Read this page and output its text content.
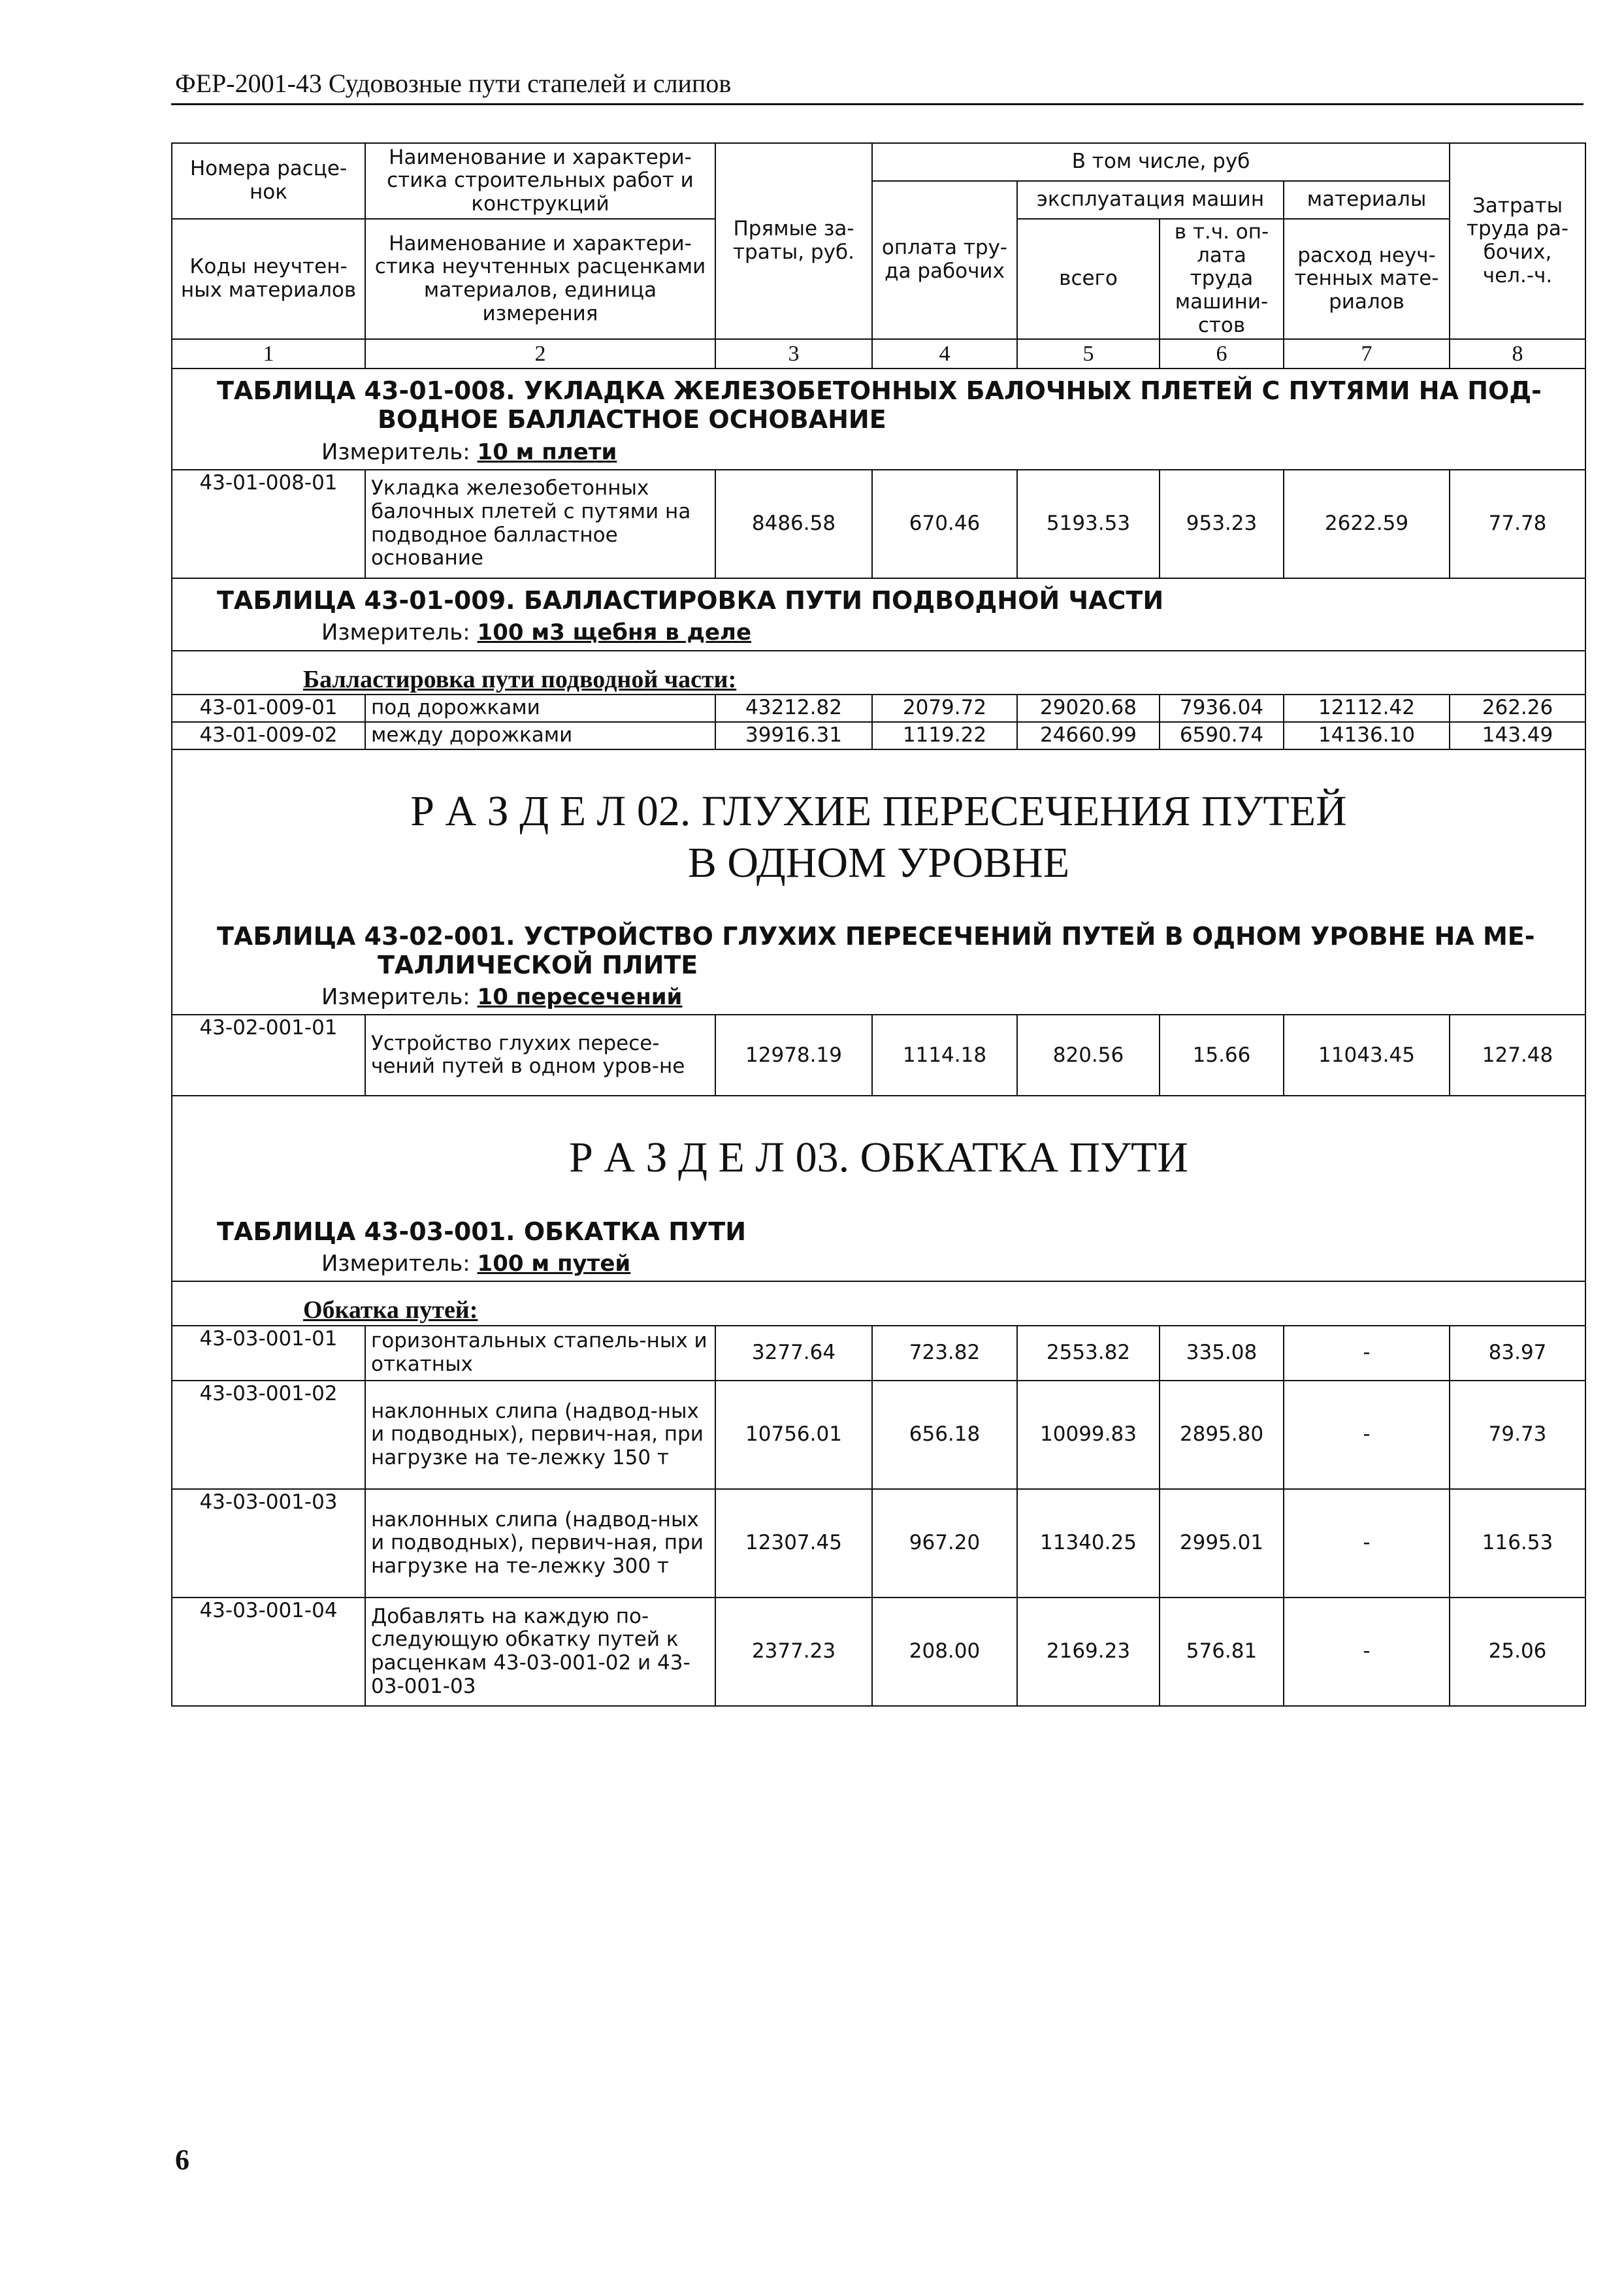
ФЕР-2001-43 Судовозные пути стапелей и слипов
Номера расце-нок	Наименование и характери-стика строительных работ и конструкций	Прямые за-траты, руб.	В том числе, руб				Затраты труда ра-бочих, чел.-ч.
			оплата тру-да рабочих	эксплуатация машин		материалы	
Коды неучтен-ных материалов	Наименование и характери-стика неучтенных расценками материалов, единица измерения			всего	в т.ч. оп-лата труда машини-стов	расход неуч-тенных мате-риалов	

1	2	3	4	5	6	7	8
ТАБЛИЦА 43-01-008. УКЛАДКА ЖЕЛЕЗОБЕТОННЫХ БАЛОЧНЫХ ПЛЕТЕЙ С ПУТЯМИ НА ПОД-
ВОДНОЕ БАЛЛАСТНОЕ ОСНОВАНИЕ							

Измеритель: 10 м плети							
43-01-008-01	Укладка железобетонных балочных плетей с путями на подводное балластное основание	8486.58	670.46	5193.53	953.23	2622.59	77.78
ТАБЛИЦА 43-01-009. БАЛЛАСТИРОВКА ПУТИ ПОДВОДНОЙ ЧАСТИ							
Измеритель: 100 м3 щебня в деле							
Балластировка пути подводной части:							
43-01-009-01	под дорожками	43212.82	2079.72	29020.68	7936.04	12112.42	262.26
43-01-009-02	между дорожками	39916.31	1119.22	24660.99	6590.74	14136.10	143.49

Р А З Д Е Л 02. ГЛУХИЕ ПЕРЕСЕЧЕНИЯ ПУТЕЙ
В ОДНОМ УРОВНЕ							

ТАБЛИЦА 43-02-001. УСТРОЙСТВО ГЛУХИХ ПЕРЕСЕЧЕНИЙ ПУТЕЙ В ОДНОМ УРОВНЕ НА МЕ-
ТАЛЛИЧЕСКОЙ ПЛИТЕ							

Измеритель: 10 пересечений							
43-02-001-01	Устройство глухих пересе-чений путей в одном уров-не	12978.19	1114.18	820.56	15.66	11043.45	127.48

Р А З Д Е Л 03. ОБКАТКА ПУТИ							

ТАБЛИЦА 43-03-001. ОБКАТКА ПУТИ							
Измеритель: 100 м путей							
Обкатка путей:							
43-03-001-01	горизонтальных стапель-ных и откатных	3277.64	723.82	2553.82	335.08	-	83.97
43-03-001-02	наклонных слипа (надвод-ных и подводных), первич-ная, при нагрузке на те-лежку 150 т	10756.01	656.18	10099.83	2895.80	-	79.73
43-03-001-03	наклонных слипа (надвод-ных и подводных), первич-ная, при нагрузке на те-лежку 300 т	12307.45	967.20	11340.25	2995.01	-	116.53
43-03-001-04	Добавлять на каждую по-следующую обкатку путей к расценкам 43-03-001-02 и 43-03-001-03	2377.23	208.00	2169.23	576.81	-	25.06
6
